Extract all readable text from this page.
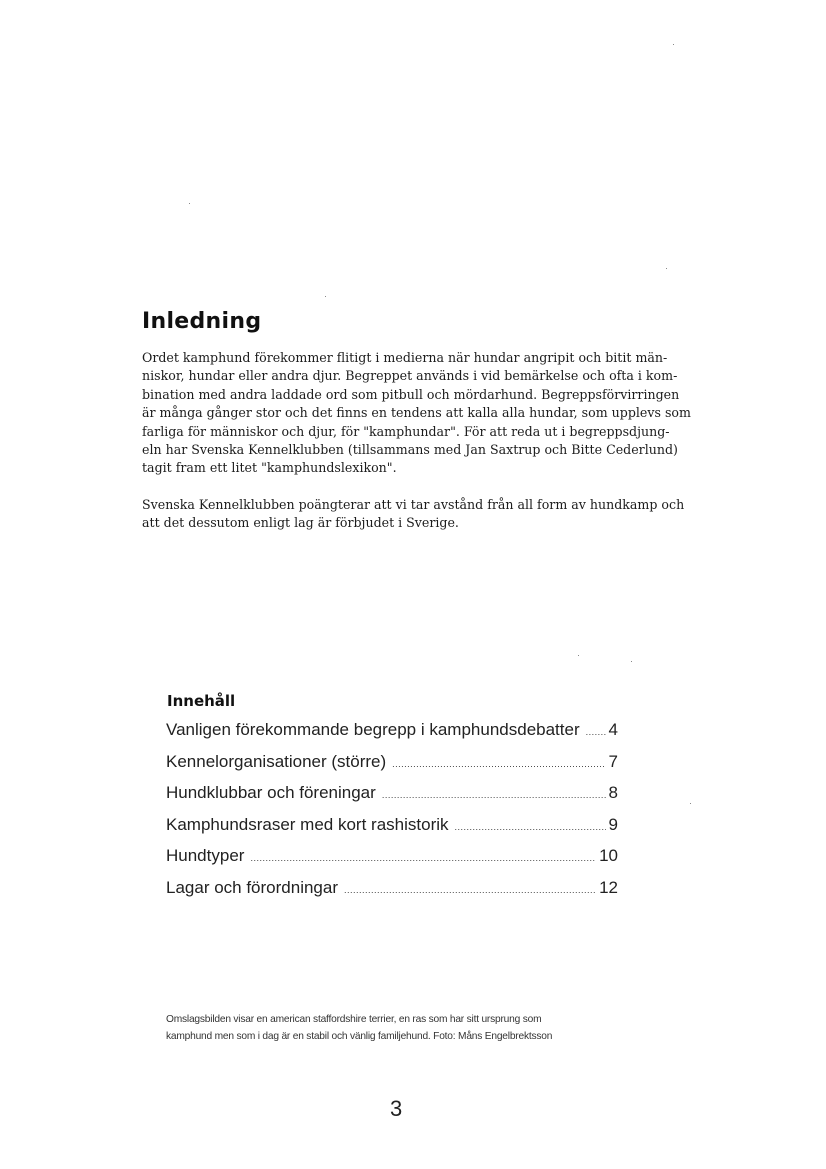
Inledning

Ordet kamphund förekommer flitigt i medierna när hundar angripit och bitit män-
niskor, hundar eller andra djur. Begreppet används i vid bemärkelse och ofta i kom-
bination med andra laddade ord som pitbull och mördarhund. Begreppsförvirringen
är många gånger stor och det finns en tendens att kalla alla hundar, som upplevs som
farliga för människor och djur, för "kamphundar". För att reda ut i begreppsdjung-
eln har Svenska Kennelklubben (tillsammans med Jan Saxtrup och Bitte Cederlund)
tagit fram ett litet "kamphundslexikon".

Svenska Kennelklubben poängterar att vi tar avstånd från all form av hundkamp och
att det dessutom enligt lag är förbjudet i Sverige.

Innehåll
Vanligen förekommande begrepp i kamphundsdebatter ..... 4
Kennelorganisationer (större) .....	7
Hundklubbar och föreningar .....	8
Kamphundsraser med kort rashistorik .....	9
Hundtyper .....	10
Lagar och förordningar .....	12
Omslagsbilden visar en american staffordshire terrier, en ras som har sitt ursprung som
kamphund men som i dag är en stabil och vänlig familjehund. Foto: Måns Engelbrektsson
3
